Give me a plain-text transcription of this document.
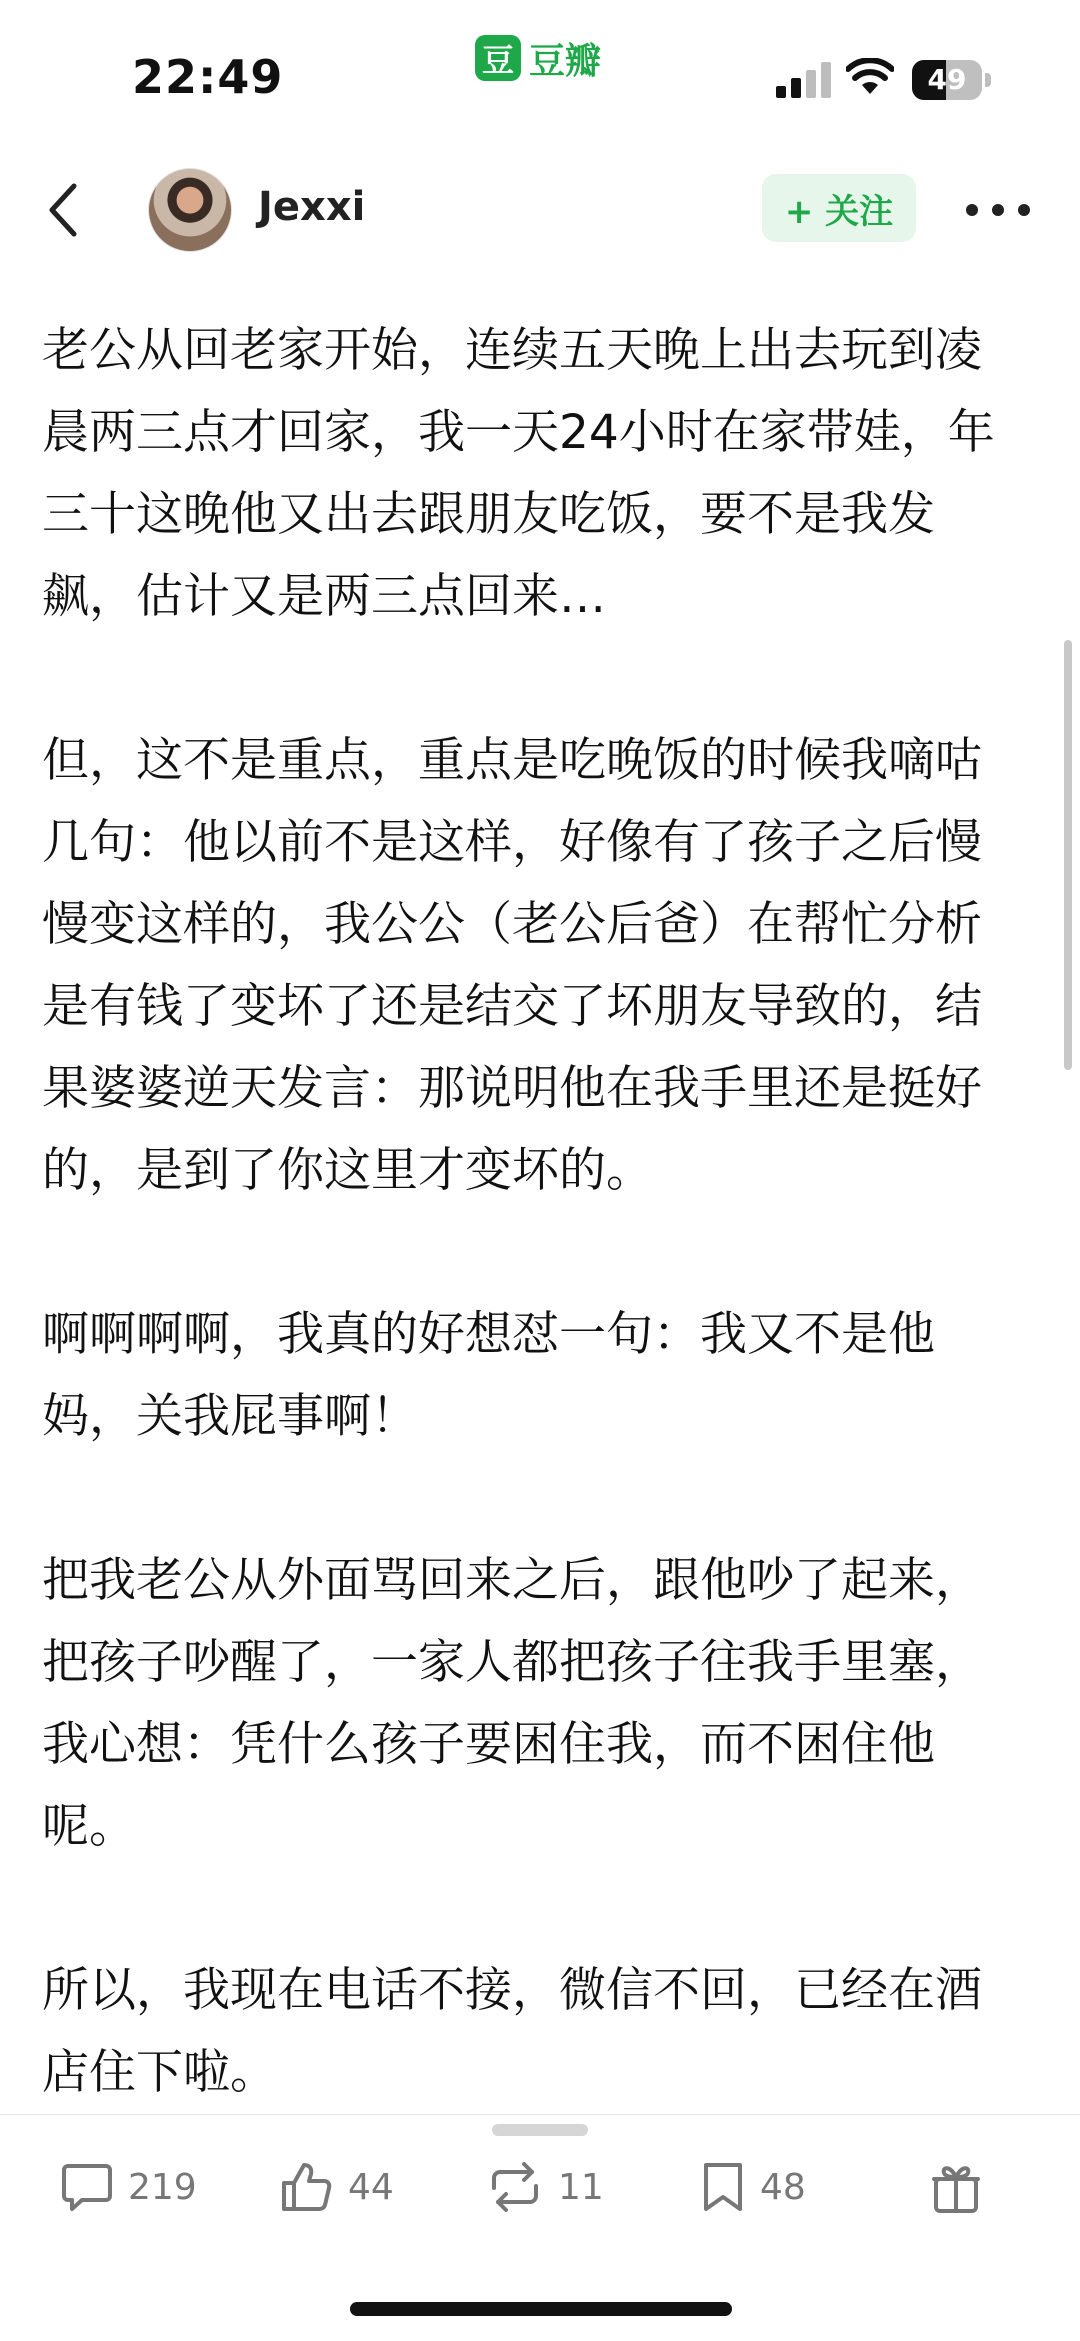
22:49	豆 豆瓣	49
Jexxi	+ 关注

老公从回老家开始，连续五天晚上出去玩到凌晨两三点才回家，我一天24小时在家带娃，年三十这晚他又出去跟朋友吃饭，要不是我发飙，估计又是两三点回来…

但，这不是重点，重点是吃晚饭的时候我嘀咕几句：他以前不是这样，好像有了孩子之后慢慢变这样的，我公公（老公后爸）在帮忙分析是有钱了变坏了还是结交了坏朋友导致的，结果婆婆逆天发言：那说明他在我手里还是挺好的，是到了你这里才变坏的。

啊啊啊啊，我真的好想怼一句：我又不是他妈，关我屁事啊！

把我老公从外面骂回来之后，跟他吵了起来，把孩子吵醒了，一家人都把孩子往我手里塞，我心想：凭什么孩子要困住我，而不困住他呢。

所以，我现在电话不接，微信不回，已经在酒店住下啦。

219	44	11	48
